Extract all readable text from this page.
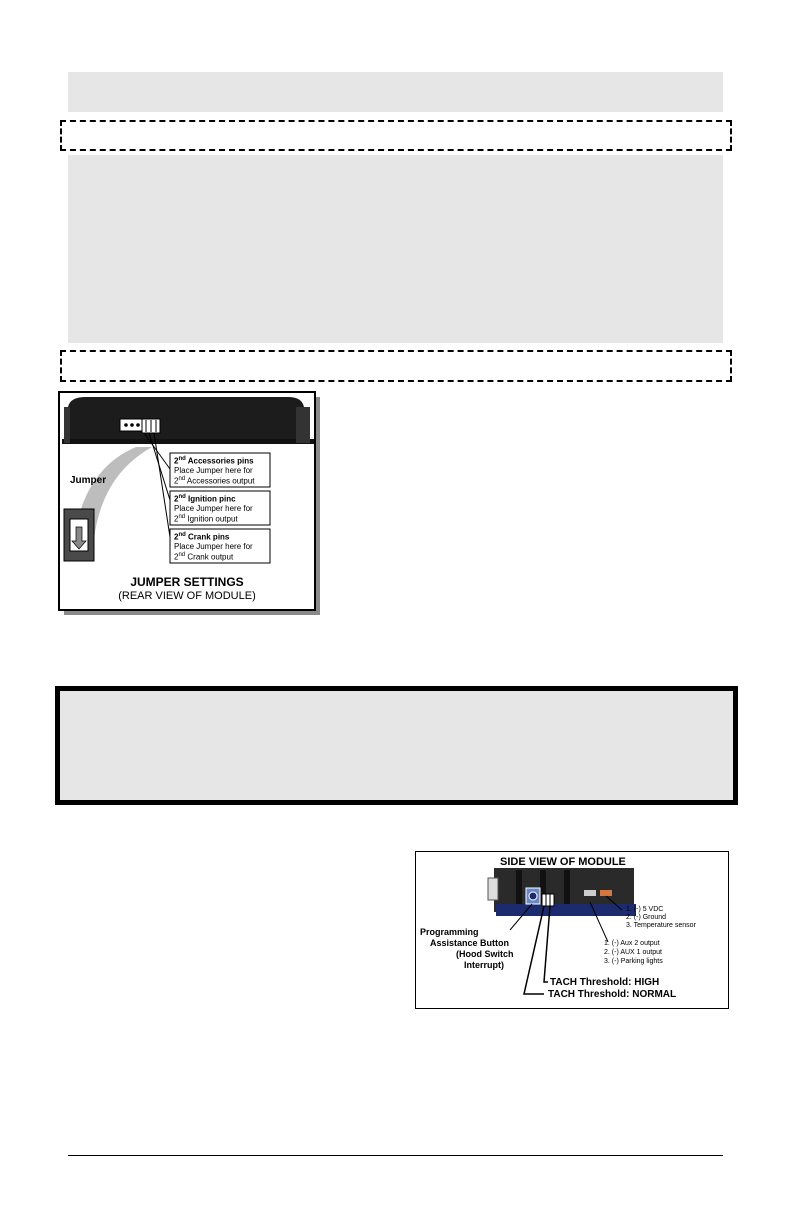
Jumper
2nd Accessories pins
Place Jumper here for
2nd Accessories output
2nd Ignition pinc
Place Jumper here for
2nd Ignition output
2nd Crank pins
Place Jumper here for
2nd Crank output
JUMPER SETTINGS
(REAR VIEW OF MODULE)
SIDE VIEW OF MODULE
Programming
Assistance Button
(Hood Switch
Interrupt)
1. (-) 5 VDC
2. (-) Ground
3. Temperature sensor
1. (-) Aux 2 output
2. (-) AUX 1 output
3. (-) Parking lights
TACH Threshold: HIGH
TACH Threshold: NORMAL
